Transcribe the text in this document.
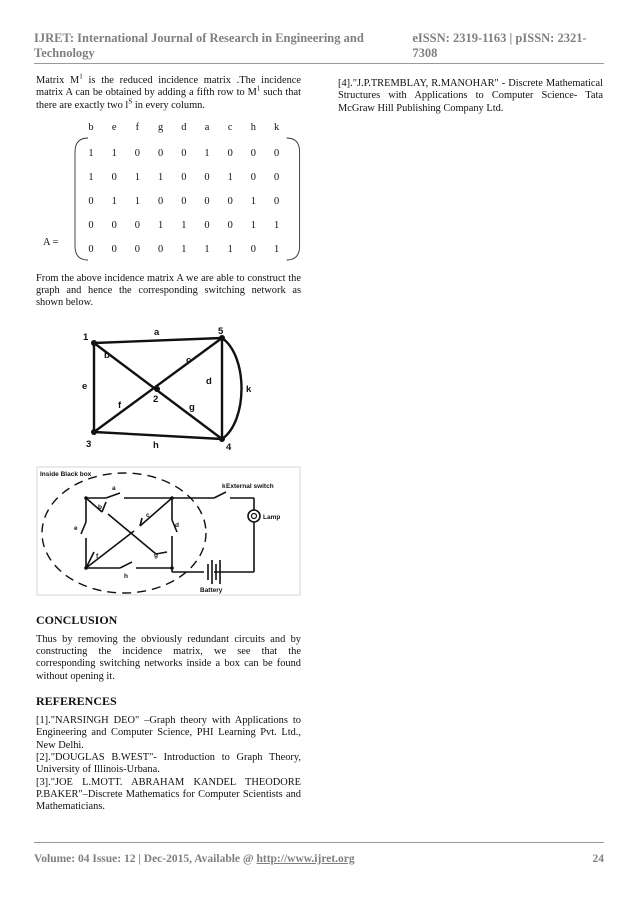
IJRET: International Journal of Research in Engineering and Technology
eISSN: 2319-1163 | pISSN: 2321-7308

Matrix $M^1$ is the reduced incidence matrix .The incidence matrix A can be obtained by adding a fifth row to $M^1$ such that there are exactly two $l^S$ in every column.

A =
b e f g d a c h k
1 1 0 0 0 1 0 0 0
1 0 1 1 0 0 1 0 0
0 1 1 0 0 0 0 1 0
0 0 0 1 1 0 0 1 1
0 0 0 0 1 1 1 0 1

From the above incidence matrix A we are able to construct the graph and hence the corresponding switching network as shown below.

1
2
3	4
5
a
b	c
d
e
f	g
h
k
Inside Black box
External switch
Lamp
Battery
a
b
c
d
e
f	g
h
k
CONCLUSION

Thus by removing the obviously redundant circuits and by constructing the incidence matrix, we see that the corresponding switching networks inside a box can be found without opening it.

REFERENCES

[1]."NARSINGH DEO" –Graph theory with Applications to Engineering and Computer Science, PHI Learning Pvt. Ltd., New Delhi.

[2]."DOUGLAS B.WEST"- Introduction to Graph Theory, University of Illinois-Urbana.

[3]."JOE L.MOTT. ABRAHAM KANDEL THEODORE P.BAKER"–Discrete Mathematics for Computer Scientists and Mathematicians.

[4]."J.P.TREMBLAY, R.MANOHAR" - Discrete Mathematical Structures with Applications to Computer Science- Tata McGraw Hill Publishing Company Ltd.

Volume: 04 Issue: 12 | Dec-2015, Available @ http://www.ijret.org	24
